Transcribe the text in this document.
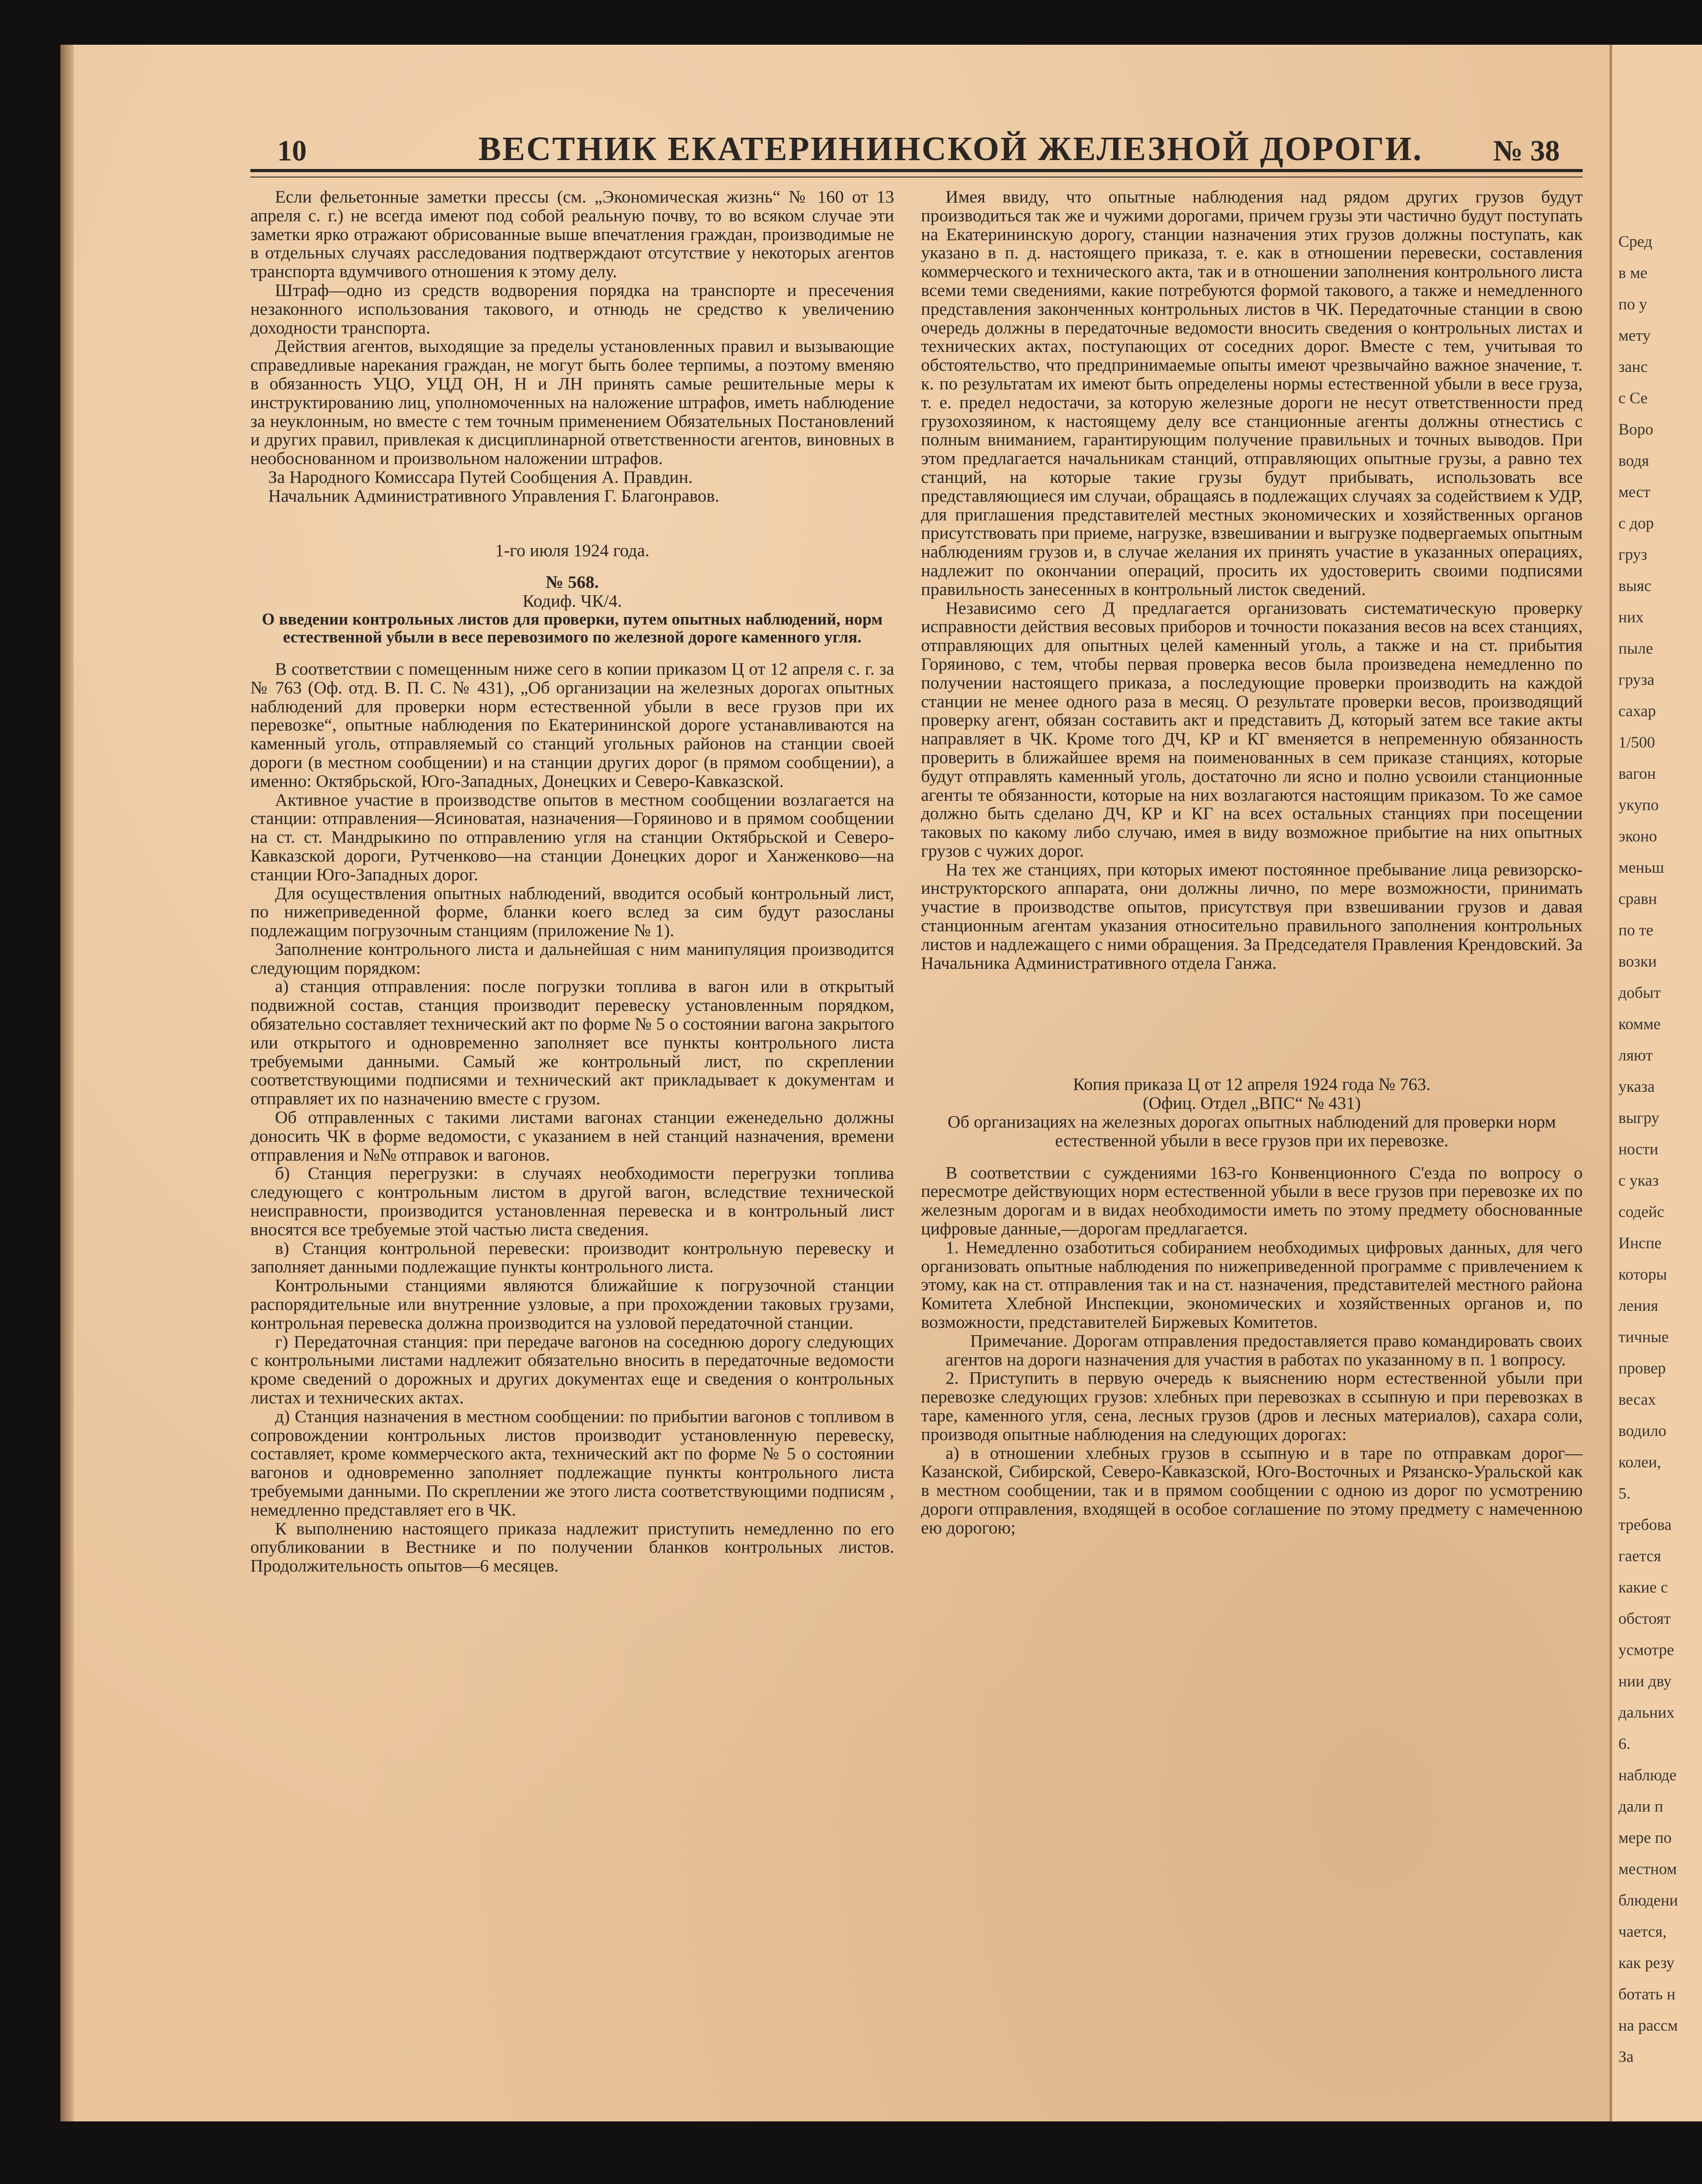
Сред
в ме
по у
мету
занс
с Се
Воро
водя
мест
с дор
груз
выяс
них
пыле
груза
сахар
1/500
вагон
укупо
эконо
меньш
сравн
по те
возки
добыт
комме
ляют
указа
выгру
ности
с указ
содейс
Инспе
которы
ления
тичные
провер
весах
водило
колеи,
5.
требова
гается
какие с
обстоят
усмотре
нии дву
дальних
6.
наблюде
дали п
мере по
местном
блюдени
чается,
как резу
ботать н
на рассм
За
10	ВЕСТНИК ЕКАТЕРИНИНСКОЙ ЖЕЛЕЗНОЙ ДОРОГИ. № 38

Если фельетонные заметки прессы (см. „Экономическая жизнь“ № 160 от 13 апреля с. г.) не всегда имеют под собой реальную почву, то во всяком случае эти заметки ярко отражают обрисованные выше впечатления граждан, производимые не в отдельных случаях расследования подтверждают отсутствие у некоторых агентов транспорта вдумчивого отношения к этому делу.

Штраф—одно из средств водворения порядка на транспорте и пресечения незаконного использования такового, и отнюдь не средство к увеличению доходности транспорта.

Действия агентов, выходящие за пределы установленных правил и вызывающие справедливые нарекания граждан, не могут быть более терпимы, а поэтому вменяю в обязанность УЦО, УЦД ОН, Н и ЛН принять самые решительные меры к инструктированию лиц, уполномоченных на наложение штрафов, иметь наблюдение за неуклонным, но вместе с тем точным применением Обязательных Постановлений и других правил, привлекая к дисциплинарной ответственности агентов, виновных в необоснованном и произвольном наложении штрафов.

За Народного Комиссара Путей Сообщения А. Правдин.

Начальник Административного Управления Г. Благонравов.

1-го июля 1924 года.

№ 568.

Кодиф. ЧК/4.

О введении контрольных листов для проверки, путем опытных наблюдений, норм естественной убыли в весе перевозимого по железной дороге каменного угля.

В соответствии с помещенным ниже сего в копии приказом Ц от 12 апреля с. г. за № 763 (Оф. отд. В. П. С. № 431), „Об организации на железных дорогах опытных наблюдений для проверки норм естественной убыли в весе грузов при их перевозке“, опытные наблюдения по Екатерининской дороге устанавливаются на каменный уголь, отправляемый со станций угольных районов на станции своей дороги (в местном сообщении) и на станции других дорог (в прямом сообщении), а именно: Октябрьской, Юго-Западных, Донецких и Северо-Кавказской.

Активное участие в производстве опытов в местном сообщении возлагается на станции: отправления—Ясиноватая, назначения—Горяиново и в прямом сообщении на ст. ст. Мандрыкино по отправлению угля на станции Октябрьской и Северо-Кавказской дороги, Рутченково—на станции Донецких дорог и Ханженково—на станции Юго-Западных дорог.

Для осуществления опытных наблюдений, вводится особый контрольный лист, по нижеприведенной форме, бланки коего вслед за сим будут разосланы подлежащим погрузочным станциям (приложение № 1).

Заполнение контрольного листа и дальнейшая с ним манипуляция производится следующим порядком:

а) станция отправления: после погрузки топлива в вагон или в открытый подвижной состав, станция производит перевеску установленным порядком, обязательно составляет технический акт по форме № 5 о состоянии вагона закрытого или открытого и одновременно заполняет все пункты контрольного листа требуемыми данными. Самый же контрольный лист, по скреплении соответствующими подписями и технический акт прикладывает к документам и отправляет их по назначению вместе с грузом.

Об отправленных с такими листами вагонах станции еженедельно должны доносить ЧК в форме ведомости, с указанием в ней станций назначения, времени отправления и №№ отправок и вагонов.

б) Станция перегрузки: в случаях необходимости перегрузки топлива следующего с контрольным листом в другой вагон, вследствие технической неисправности, производится установленная перевеска и в контрольный лист вносятся все требуемые этой частью листа сведения.

в) Станция контрольной перевески: производит контрольную перевеску и заполняет данными подлежащие пункты контрольного листа.

Контрольными станциями являются ближайшие к погрузочной станции распорядительные или внутренние узловые, а при прохождении таковых грузами, контрольная перевеска должна производится на узловой передаточной станции.

г) Передаточная станция: при передаче вагонов на соседнюю дорогу следующих с контрольными листами надлежит обязательно вносить в передаточные ведомости кроме сведений о дорожных и других документах еще и сведения о контрольных листах и технических актах.

д) Станция назначения в местном сообщении: по прибытии вагонов с топливом в сопровождении контрольных листов производит установленную перевеску, составляет, кроме коммерческого акта, технический акт по форме № 5 о состоянии вагонов и одновременно заполняет подлежащие пункты контрольного листа требуемыми данными. По скреплении же этого листа соответствующими подписям , немедленно представляет его в ЧК.

К выполнению настоящего приказа надлежит приступить немедленно по его опубликовании в Вестнике и по получении бланков контрольных листов. Продолжительность опытов—6 месяцев.

Имея ввиду, что опытные наблюдения над рядом других грузов будут производиться так же и чужими дорогами, причем грузы эти частично будут поступать на Екатерининскую дорогу, станции назначения этих грузов должны поступать, как указано в п. д. настоящего приказа, т. е. как в отношении перевески, составления коммерческого и технического акта, так и в отношении заполнения контрольного листа всеми теми сведениями, какие потребуются формой такового, а также и немедленного представления законченных контрольных листов в ЧК. Передаточные станции в свою очередь должны в передаточные ведомости вносить сведения о контрольных листах и технических актах, поступающих от соседних дорог. Вместе с тем, учитывая то обстоятельство, что предпринимаемые опыты имеют чрезвычайно важное значение, т. к. по результатам их имеют быть определены нормы естественной убыли в весе груза, т. е. предел недостачи, за которую железные дороги не несут ответственности пред грузохозяином, к настоящему делу все станционные агенты должны отнестись с полным вниманием, гарантирующим получение правильных и точных выводов. При этом предлагается начальникам станций, отправляющих опытные грузы, а равно тех станций, на которые такие грузы будут прибывать, использовать все представляющиеся им случаи, обращаясь в подлежащих случаях за содействием к УДР, для приглашения представителей местных экономических и хозяйственных органов присутствовать при приеме, нагрузке, взвешивании и выгрузке подвергаемых опытным наблюдениям грузов и, в случае желания их принять участие в указанных операциях, надлежит по окончании операций, просить их удостоверить своими подписями правильность занесенных в контрольный листок сведений.

Независимо сего Д предлагается организовать систематическую проверку исправности действия весовых приборов и точности показания весов на всех станциях, отправляющих для опытных целей каменный уголь, а также и на ст. прибытия Горяиново, с тем, чтобы первая проверка весов была произведена немедленно по получении настоящего приказа, а последующие проверки производить на каждой станции не менее одного раза в месяц. О результате проверки весов, производящий проверку агент, обязан составить акт и представить Д, который затем все такие акты направляет в ЧК. Кроме того ДЧ, КР и КГ вменяется в непременную обязанность проверить в ближайшее время на поименованных в сем приказе станциях, которые будут отправлять каменный уголь, достаточно ли ясно и полно усвоили станционные агенты те обязанности, которые на них возлагаются настоящим приказом. То же самое должно быть сделано ДЧ, КР и КГ на всех остальных станциях при посещении таковых по какому либо случаю, имея в виду возможное прибытие на них опытных грузов с чужих дорог.

На тех же станциях, при которых имеют постоянное пребывание лица ревизорско-инструкторского аппарата, они должны лично, по мере возможности, принимать участие в производстве опытов, присутствуя при взвешивании грузов и давая станционным агентам указания относительно правильного заполнения контрольных листов и надлежащего с ними обращения. За Председателя Правления Крендовский. За Начальника Административного отдела Ганжа.

Копия приказа Ц от 12 апреля 1924 года № 763.

(Офиц. Отдел „ВПС“ № 431)

Об организациях на железных дорогах опытных наблюдений для проверки норм естественной убыли в весе грузов при их перевозке.

В соответствии с суждениями 163-го Конвенционного С'езда по вопросу о пересмотре действующих норм естественной убыли в весе грузов при перевозке их по железным дорогам и в видах необходимости иметь по этому предмету обоснованные цифровые данные,—дорогам предлагается.

1. Немедленно озаботиться собиранием необходимых цифровых данных, для чего организовать опытные наблюдения по нижеприведенной программе с привлечением к этому, как на ст. отправления так и на ст. назначения, представителей местного района Комитета Хлебной Инспекции, экономических и хозяйственных органов и, по возможности, представителей Биржевых Комитетов.

Примечание. Дорогам отправления предоставляется право командировать своих агентов на дороги назначения для участия в работах по указанному в п. 1 вопросу.

2. Приступить в первую очередь к выяснению норм естественной убыли при перевозке следующих грузов: хлебных при перевозках в ссыпную и при перевозках в таре, каменного угля, сена, лесных грузов (дров и лесных материалов), сахара соли, производя опытные наблюдения на следующих дорогах:

а) в отношении хлебных грузов в ссыпную и в таре по отправкам дорог—Казанской, Сибирской, Северо-Кавказской, Юго-Восточных и Рязанско-Уральской как в местном сообщении, так и в прямом сообщении с одною из дорог по усмотрению дороги отправления, входящей в особое соглашение по этому предмету с намеченною ею дорогою;
